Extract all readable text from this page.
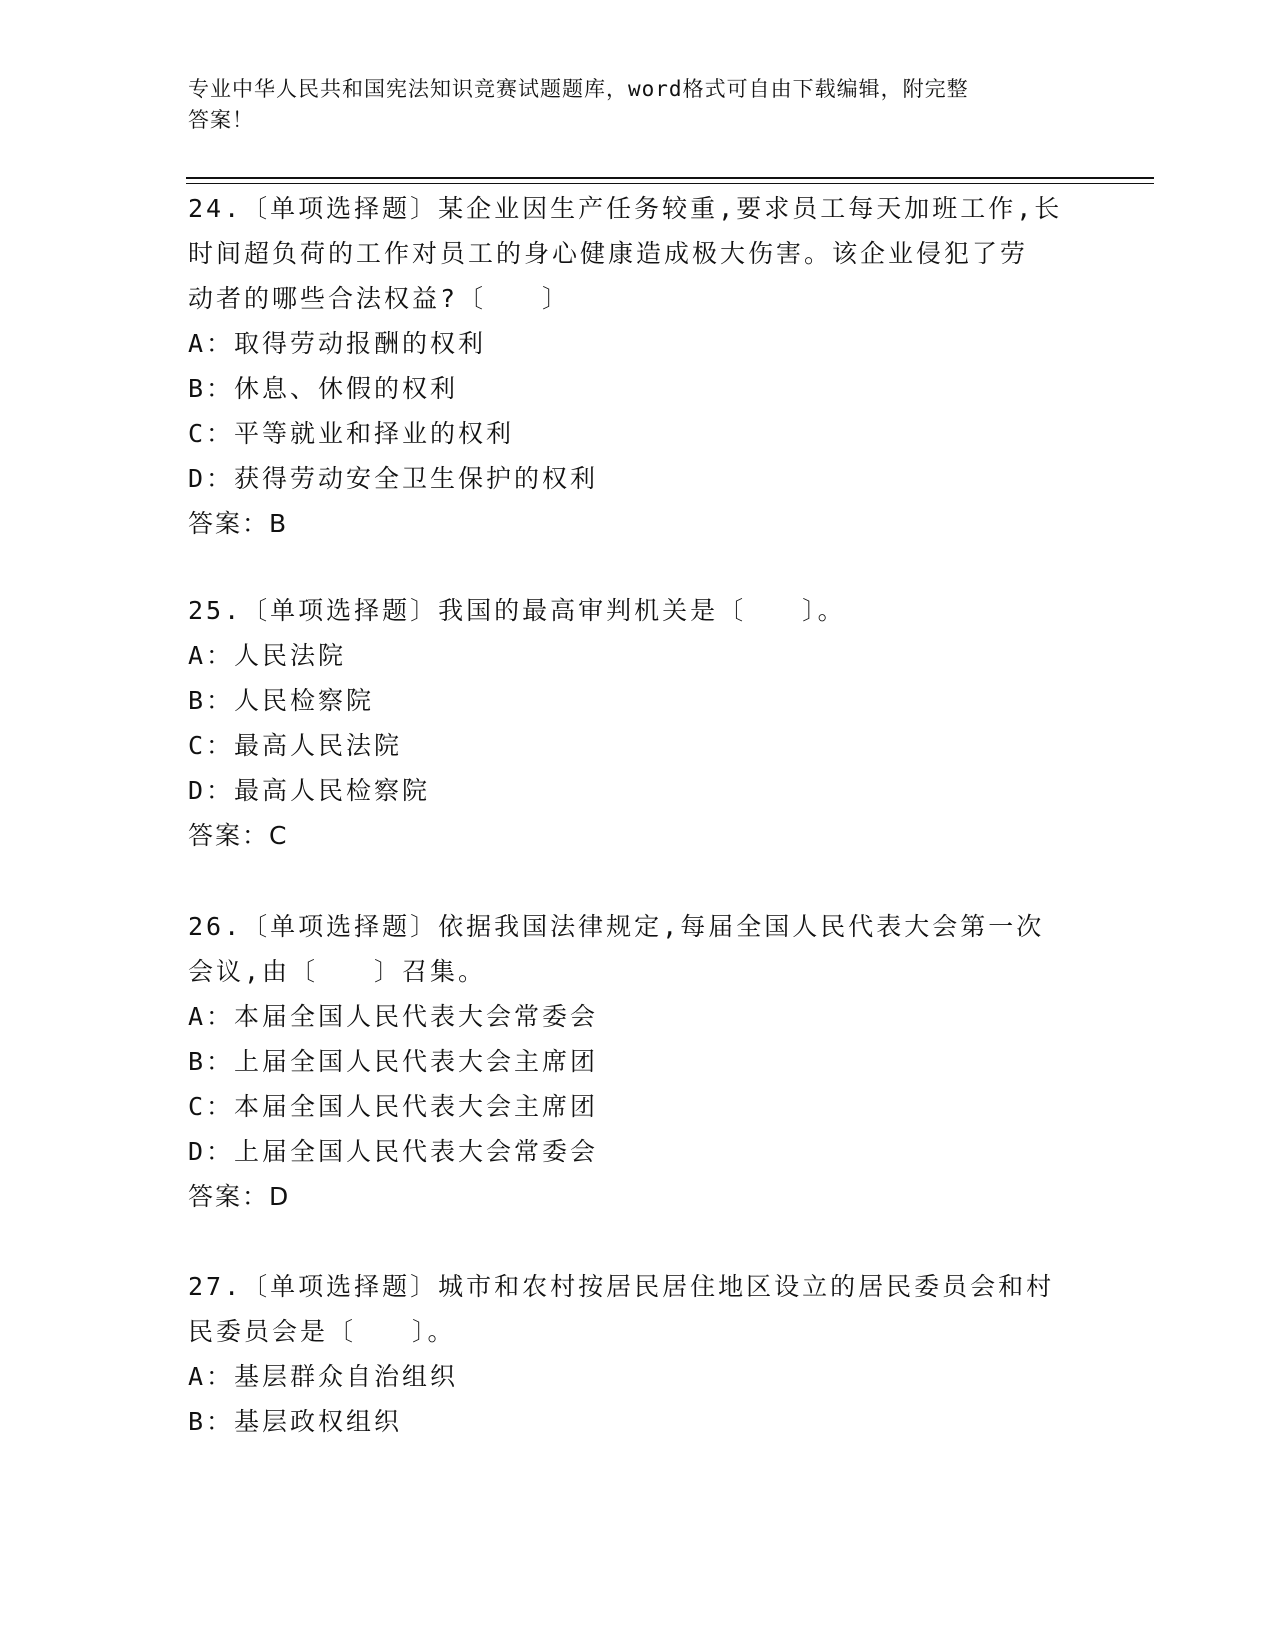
专业中华人民共和国宪法知识竞赛试题题库，word格式可自由下载编辑，附完整
答案！
24.〔单项选择题〕某企业因生产任务较重,要求员工每天加班工作,长
时间超负荷的工作对员工的身心健康造成极大伤害。该企业侵犯了劳
动者的哪些合法权益?〔　　〕
A：取得劳动报酬的权利
B：休息、休假的权利
C：平等就业和择业的权利
D：获得劳动安全卫生保护的权利
答案：B
25.〔单项选择题〕我国的最高审判机关是〔　　〕。
A：人民法院
B：人民检察院
C：最高人民法院
D：最高人民检察院
答案：C
26.〔单项选择题〕依据我国法律规定,每届全国人民代表大会第一次
会议,由〔　　〕召集。
A：本届全国人民代表大会常委会
B：上届全国人民代表大会主席团
C：本届全国人民代表大会主席团
D：上届全国人民代表大会常委会
答案：D
27.〔单项选择题〕城市和农村按居民居住地区设立的居民委员会和村
民委员会是〔　　〕。
A：基层群众自治组织
B：基层政权组织
